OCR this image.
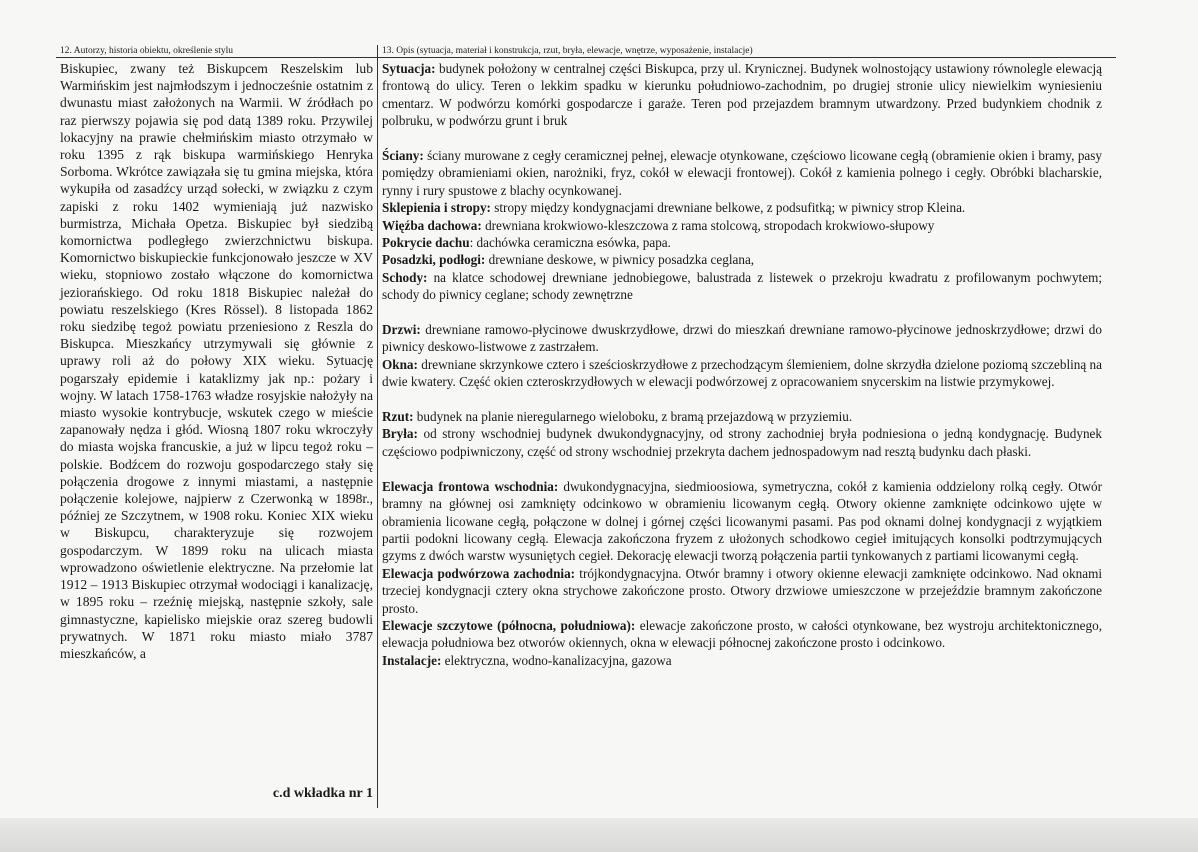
12. Autorzy, historia obiektu, określenie stylu	13. Opis (sytuacja, materiał i konstrukcja, rzut, bryła, elewacje, wnętrze, wyposażenie, instalacje)

Biskupiec, zwany też Biskupcem Reszelskim lub Warmińskim jest najmłodszym i jednocześnie ostatnim z dwunastu miast założonych na Warmii. W źródłach po raz pierwszy pojawia się pod datą 1389 roku. Przywilej lokacyjny na prawie chełmińskim miasto otrzymało w roku 1395 z rąk biskupa warmińskiego Henryka Sorboma. Wkrótce zawiązała się tu gmina miejska, która wykupiła od zasadźcy urząd sołecki, w związku z czym zapiski z roku 1402 wymieniają już nazwisko burmistrza, Michała Opetza. Biskupiec był siedzibą komornictwa podległego zwierzchnictwu biskupa. Komornictwo biskupieckie funkcjonowało jeszcze w XV wieku, stopniowo zostało włączone do komornictwa jeziorańskiego. Od roku 1818 Biskupiec należał do powiatu reszelskiego (Kres Rössel). 8 listopada 1862 roku siedzibę tegoż powiatu przeniesiono z Reszla do Biskupca. Mieszkańcy utrzymywali się głównie z uprawy roli aż do połowy XIX wieku. Sytuację pogarszały epidemie i kataklizmy jak np.: pożary i wojny. W latach 1758-1763 władze rosyjskie nałożyły na miasto wysokie kontrybucje, wskutek czego w mieście zapanowały nędza i głód. Wiosną 1807 roku wkroczyły do miasta wojska francuskie, a już w lipcu tegoż roku – polskie. Bodźcem do rozwoju gospodarczego stały się połączenia drogowe z innymi miastami, a następnie połączenie kolejowe, najpierw z Czerwonką w 1898r., później ze Szczytnem, w 1908 roku. Koniec XIX wieku w Biskupcu, charakteryzuje się rozwojem gospodarczym. W 1899 roku na ulicach miasta wprowadzono oświetlenie elektryczne. Na przełomie lat 1912 – 1913 Biskupiec otrzymał wodociągi i kanalizację, w 1895 roku – rzeźnię miejską, następnie szkoły, sale gimnastyczne, kapielisko miejskie oraz szereg budowli prywatnych. W 1871 roku miasto miało 3787 mieszkańców, a

c.d wkładka nr 1

Sytuacja: budynek położony w centralnej części Biskupca, przy ul. Krynicznej. Budynek wolnostojący ustawiony równolegle elewacją frontową do ulicy. Teren o lekkim spadku w kierunku południowo-zachodnim, po drugiej stronie ulicy niewielkim wyniesieniu cmentarz. W podwórzu komórki gospodarcze i garaże. Teren pod przejazdem bramnym utwardzony. Przed budynkiem chodnik z polbruku, w podwórzu grunt i bruk

Ściany: ściany murowane z cegły ceramicznej pełnej, elewacje otynkowane, częściowo licowane cegłą (obramienie okien i bramy, pasy pomiędzy obramieniami okien, narożniki, fryz, cokół w elewacji frontowej). Cokół z kamienia polnego i cegły. Obróbki blacharskie, rynny i rury spustowe z blachy ocynkowanej.

Sklepienia i stropy: stropy między kondygnacjami drewniane belkowe, z podsufitką; w piwnicy strop Kleina.

Więźba dachowa: drewniana krokwiowo-kleszczowa z rama stolcową, stropodach krokwiowo-słupowy

Pokrycie dachu: dachówka ceramiczna esówka, papa.

Posadzki, podłogi: drewniane deskowe, w piwnicy posadzka ceglana,

Schody: na klatce schodowej drewniane jednobiegowe, balustrada z listewek o przekroju kwadratu z profilowanym pochwytem; schody do piwnicy ceglane; schody zewnętrzne

Drzwi: drewniane ramowo-płycinowe dwuskrzydłowe, drzwi do mieszkań drewniane ramowo-płycinowe jednoskrzydłowe; drzwi do piwnicy deskowo-listwowe z zastrzałem.

Okna: drewniane skrzynkowe cztero i sześcioskrzydłowe z przechodzącym ślemieniem, dolne skrzydła dzielone poziomą szczebliną na dwie kwatery. Część okien czteroskrzydłowych w elewacji podwórzowej z opracowaniem snycerskim na listwie przymykowej.

Rzut: budynek na planie nieregularnego wieloboku, z bramą przejazdową w przyziemiu.

Bryła: od strony wschodniej budynek dwukondygnacyjny, od strony zachodniej bryła podniesiona o jedną kondygnację. Budynek częściowo podpiwniczony, część od strony wschodniej przekryta dachem jednospadowym nad resztą budynku dach płaski.

Elewacja frontowa wschodnia: dwukondygnacyjna, siedmioosiowa, symetryczna, cokół z kamienia oddzielony rolką cegły. Otwór bramny na głównej osi zamknięty odcinkowo w obramieniu licowanym cegłą. Otwory okienne zamknięte odcinkowo ujęte w obramienia licowane cegłą, połączone w dolnej i górnej części licowanymi pasami. Pas pod oknami dolnej kondygnacji z wyjątkiem partii podokni licowany cegłą. Elewacja zakończona fryzem z ułożonych schodkowo cegieł imitujących konsolki podtrzymujących gzyms z dwóch warstw wysuniętych cegieł. Dekorację elewacji tworzą połączenia partii tynkowanych z partiami licowanymi cegłą.

Elewacja podwórzowa zachodnia: trójkondygnacyjna. Otwór bramny i otwory okienne elewacji zamknięte odcinkowo. Nad oknami trzeciej kondygnacji cztery okna strychowe zakończone prosto. Otwory drzwiowe umieszczone w przejeździe bramnym zakończone prosto.

Elewacje szczytowe (północna, południowa): elewacje zakończone prosto, w całości otynkowane, bez wystroju architektonicznego, elewacja południowa bez otworów okiennych, okna w elewacji północnej zakończone prosto i odcinkowo.

Instalacje: elektryczna, wodno-kanalizacyjna, gazowa
